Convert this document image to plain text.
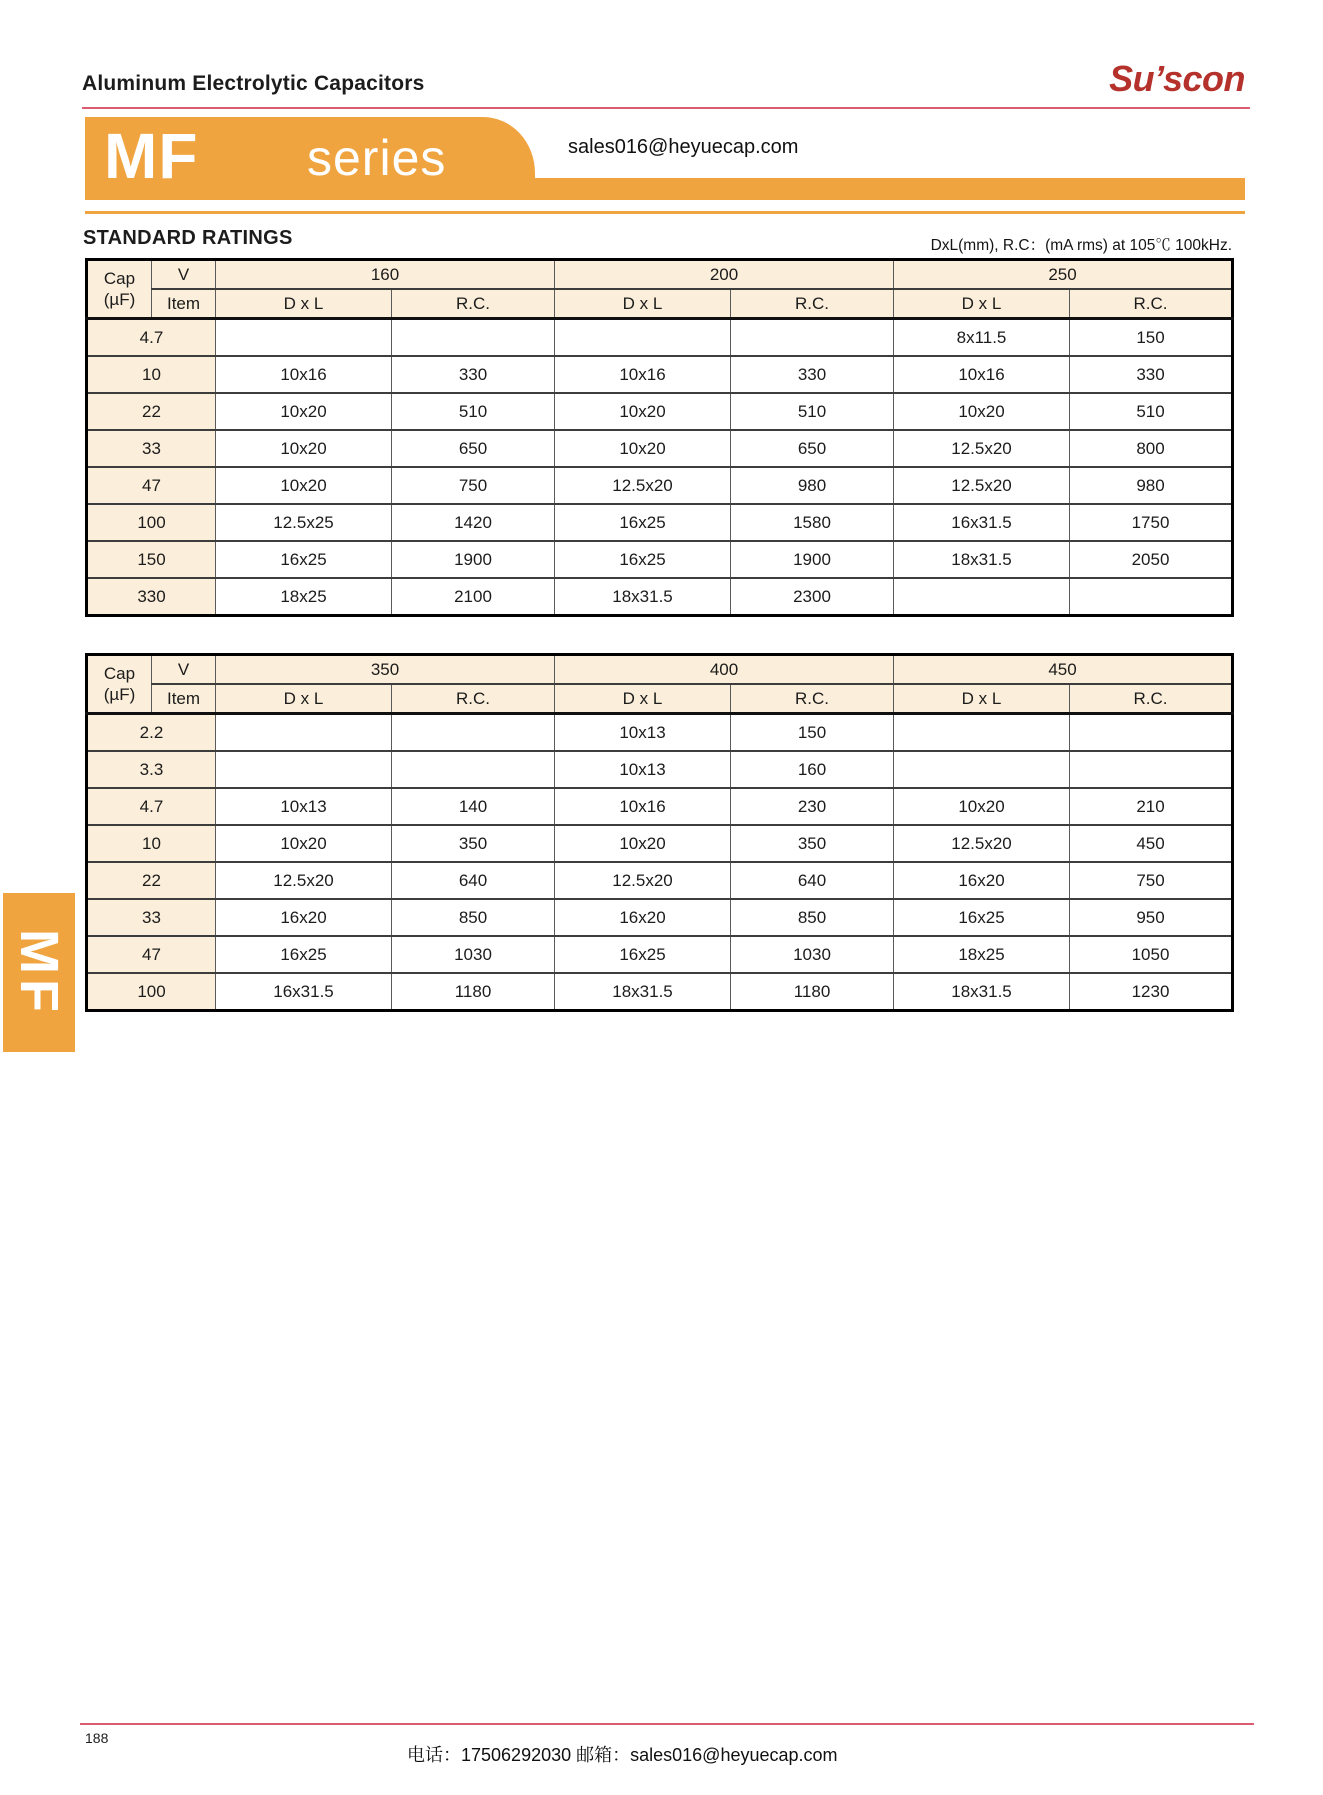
Aluminum Electrolytic Capacitors	Su’scon
MF series	sales016@heyuecap.com
STANDARD RATINGS	DxL(mm), R.C：(mA rms) at 105℃ 100kHz.
Cap
(µF)	V	160		200		250	
	Item	D x L	R.C.	D x L	R.C.	D x L	R.C.
4.7						8x11.5	150
10		10x16	330	10x16	330	10x16	330
22		10x20	510	10x20	510	10x20	510
33		10x20	650	10x20	650	12.5x20	800
47		10x20	750	12.5x20	980	12.5x20	980
100		12.5x25	1420	16x25	1580	16x31.5	1750
150		16x25	1900	16x25	1900	18x31.5	2050
330		18x25	2100	18x31.5	2300		
Cap
(µF)	V	350		400		450	
	Item	D x L	R.C.	D x L	R.C.	D x L	R.C.
2.2				10x13	150		
3.3				10x13	160		
4.7		10x13	140	10x16	230	10x20	210
10		10x20	350	10x20	350	12.5x20	450
22		12.5x20	640	12.5x20	640	16x20	750
33		16x20	850	16x20	850	16x25	950
47		16x25	1030	16x25	1030	18x25	1050
100		16x31.5	1180	18x31.5	1180	18x31.5	1230
MF
188
电话：17506292030 邮箱：sales016@heyuecap.com
